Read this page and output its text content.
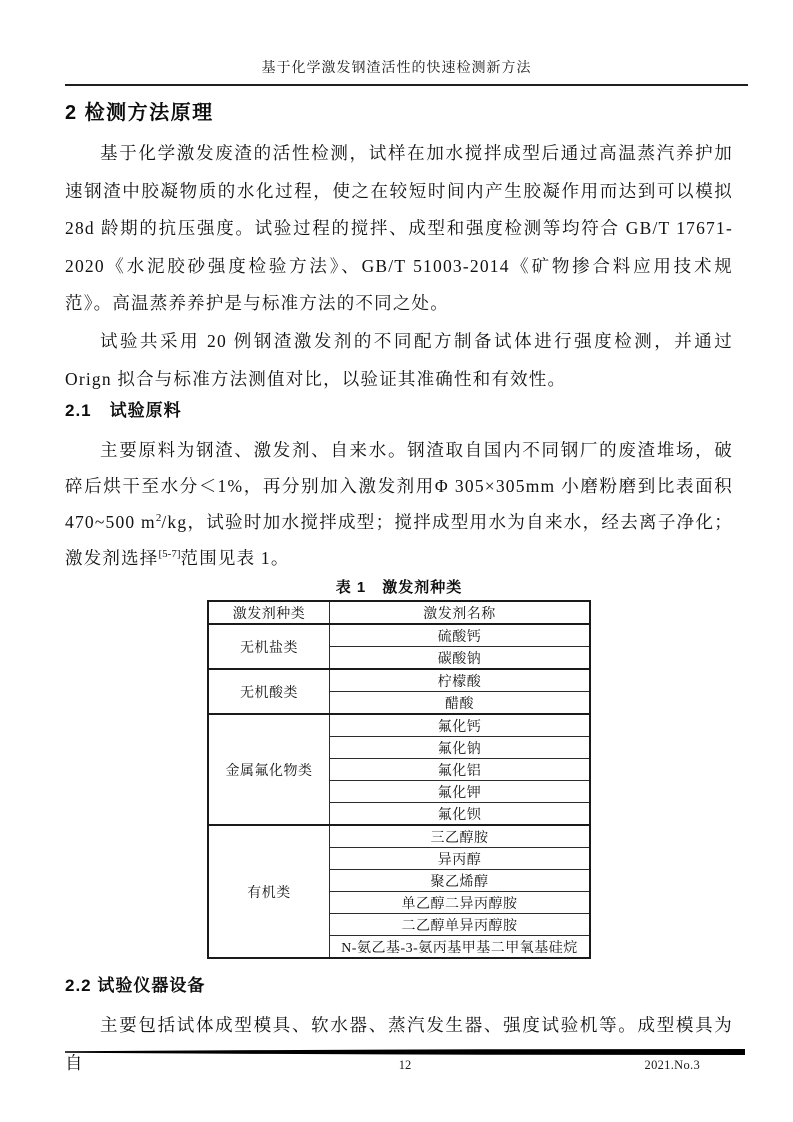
基于化学激发钢渣活性的快速检测新方法
2 检测方法原理

基于化学激发废渣的活性检测，试样在加水搅拌成型后通过高温蒸汽养护加速钢渣中胶凝物质的水化过程，使之在较短时间内产生胶凝作用而达到可以模拟 28d 龄期的抗压强度。试验过程的搅拌、成型和强度检测等均符合 GB/T 17671-2020《水泥胶砂强度检验方法》、GB/T 51003-2014《矿物掺合料应用技术规范》。高温蒸养养护是与标准方法的不同之处。

试验共采用 20 例钢渣激发剂的不同配方制备试体进行强度检测，并通过 Orign 拟合与标准方法测值对比，以验证其准确性和有效性。

2.1　试验原料

主要原料为钢渣、激发剂、自来水。钢渣取自国内不同钢厂的废渣堆场，破碎后烘干至水分＜1%，再分别加入激发剂用Φ 305×305mm 小磨粉磨到比表面积 470~500 $m^2/kg$，试验时加水搅拌成型；搅拌成型用水为自来水，经去离子净化；激发剂选择[5-7]范围见表 1。

表 1　激发剂种类
激发剂种类	激发剂名称
无机盐类	硫酸钙
	碳酸钠
无机酸类	柠檬酸
	醋酸
金属氟化物类	氟化钙
	氟化钠
	氟化铝
	氟化钾
	氟化钡
有机类	三乙醇胺
	异丙醇
	聚乙烯醇
	单乙醇二异丙醇胺
	二乙醇单异丙醇胺
	N-氨乙基-3-氨丙基甲基二甲氧基硅烷
2.2 试验仪器设备

主要包括试体成型模具、软水器、蒸汽发生器、强度试验机等。成型模具为自	12	2021.No.3
